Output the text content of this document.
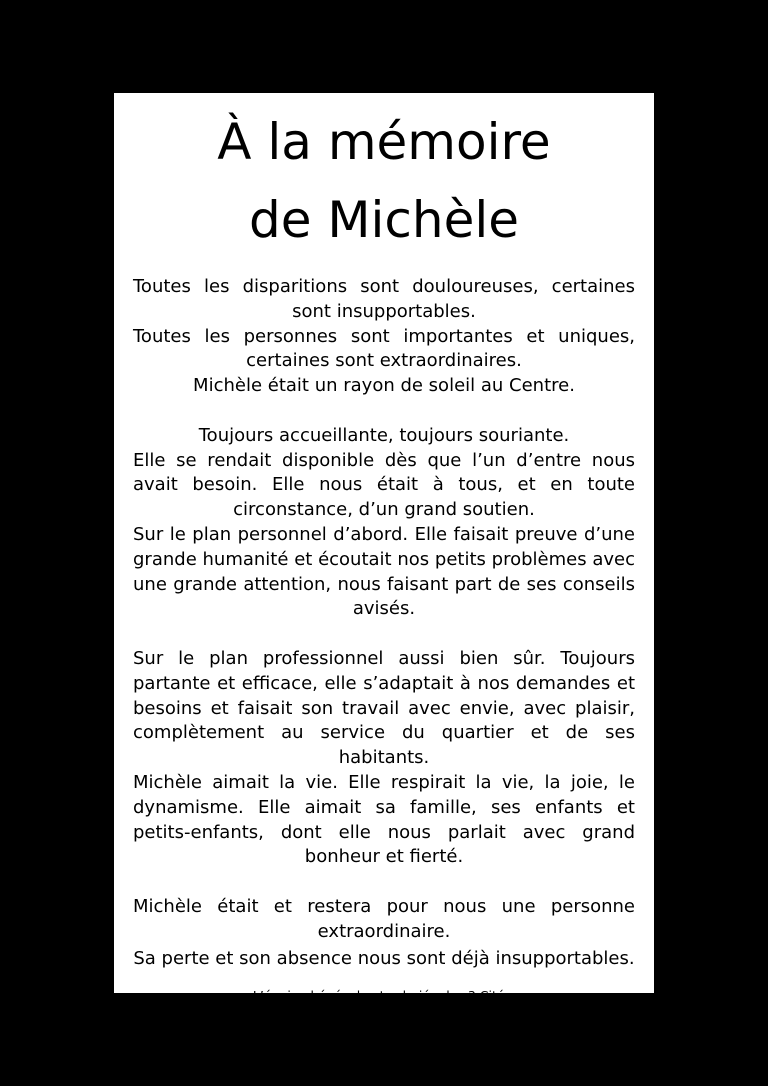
À la mémoire
de Michèle

Toutes les disparitions sont douloureuses, certaines sont insupportables.

Toutes les personnes sont importantes et uniques, certaines sont extraordinaires.

Michèle était un rayon de soleil au Centre.

Toujours accueillante, toujours souriante.

Elle se rendait disponible dès que l’un d’entre nous avait besoin. Elle nous était à tous, et en toute circonstance, d’un grand soutien.

Sur le plan personnel d’abord. Elle faisait preuve d’une grande humanité et écoutait nos petits problèmes avec une grande attention, nous faisant part de ses conseils avisés.

Sur le plan professionnel aussi bien sûr. Toujours partante et efficace, elle s’adaptait à nos demandes et besoins et faisait son travail avec envie, avec plaisir, complètement au service du quartier et de ses habitants.

Michèle aimait la vie. Elle respirait la vie, la joie, le dynamisme. Elle aimait sa famille, ses enfants et petits-enfants, dont elle nous parlait avec grand bonheur et fierté.

Michèle était et restera pour nous une personne extraordinaire.

Sa perte et son absence nous sont déjà insupportables.

L’équipe bénévole et salariée des 3 Cités.
